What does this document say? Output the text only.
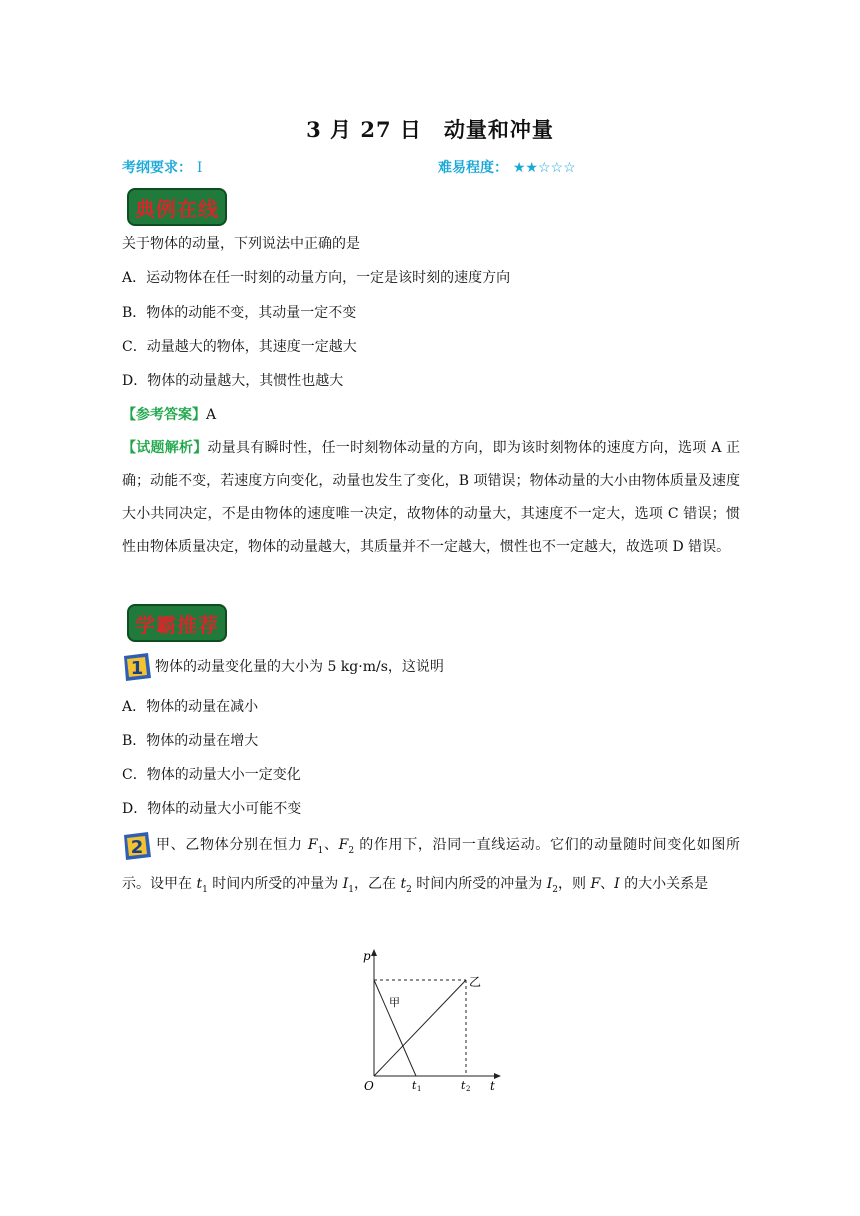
3 月 27 日　动量和冲量
考纲要求： Ⅰ	难易程度： ★★☆☆☆
典例在线
关于物体的动量，下列说法中正确的是
A．运动物体在任一时刻的动量方向，一定是该时刻的速度方向
B．物体的动能不变，其动量一定不变
C．动量越大的物体，其速度一定越大
D．物体的动量越大，其惯性也越大
【参考答案】A
【试题解析】动量具有瞬时性，任一时刻物体动量的方向，即为该时刻物体的速度方向，选项 A 正确；动能不变，若速度方向变化，动量也发生了变化，B 项错误；物体动量的大小由物体质量及速度大小共同决定，不是由物体的速度唯一决定，故物体的动量大，其速度不一定大，选项 C 错误；惯性由物体质量决定，物体的动量越大，其质量并不一定越大，惯性也不一定越大，故选项 D 错误。
学霸推荐
1 物体的动量变化量的大小为 5 kg·m/s，这说明
A．物体的动量在减小
B．物体的动量在增大
C．物体的动量大小一定变化
D．物体的动量大小可能不变
2 甲、乙物体分别在恒力 $F_1$、$F_2$ 的作用下，沿同一直线运动。它们的动量随时间变化如图所示。设甲在 $t_1$ 时间内所受的冲量为 $I_1$，乙在 $t_2$ 时间内所受的冲量为 $I_2$，则 F、I 的大小关系是
p
t
O	t 1	t 2
甲
乙
